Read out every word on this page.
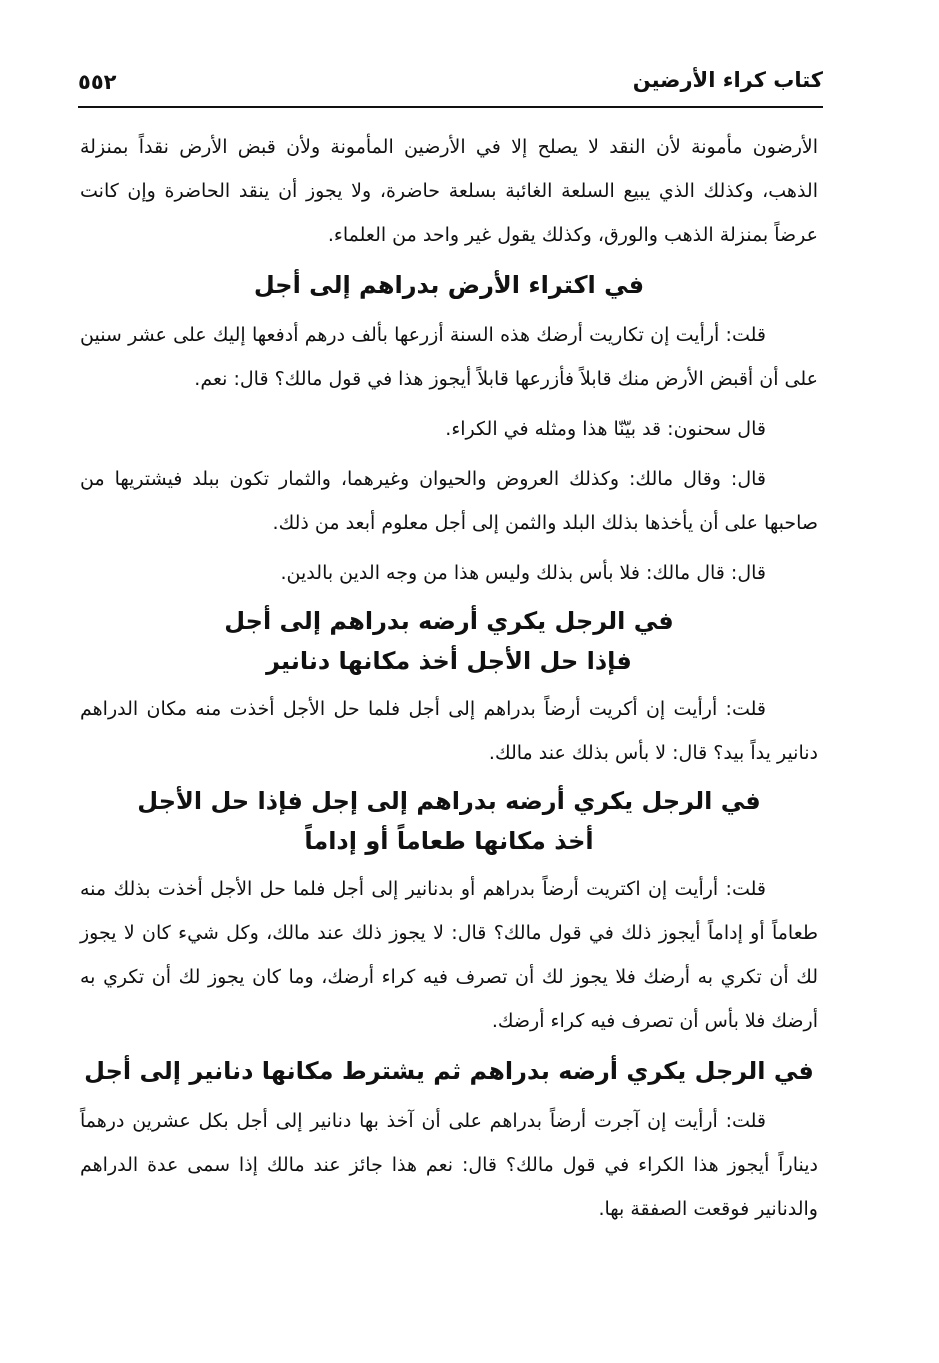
كتاب كراء الأرضين
٥٥٢

الأرضون مأمونة لأن النقد لا يصلح إلا في الأرضين المأمونة ولأن قبض الأرض نقداً بمنزلة الذهب، وكذلك الذي يبيع السلعة الغائبة بسلعة حاضرة، ولا يجوز أن ينقد الحاضرة وإن كانت عرضاً بمنزلة الذهب والورق، وكذلك يقول غير واحد من العلماء.

في اكتراء الأرض بدراهم إلى أجل

قلت: أرأيت إن تكاريت أرضك هذه السنة أزرعها بألف درهم أدفعها إليك على عشر سنين على أن أقبض الأرض منك قابلاً فأزرعها قابلاً أيجوز هذا في قول مالك؟ قال: نعم.

قال سحنون: قد بيّنّا هذا ومثله في الكراء.

قال: وقال مالك: وكذلك العروض والحيوان وغيرهما، والثمار تكون ببلد فيشتريها من صاحبها على أن يأخذها بذلك البلد والثمن إلى أجل معلوم أبعد من ذلك.

قال: قال مالك: فلا بأس بذلك وليس هذا من وجه الدين بالدين.

في الرجل يكري أرضه بدراهم إلى أجل
فإذا حل الأجل أخذ مكانها دنانير

قلت: أرأيت إن أكريت أرضاً بدراهم إلى أجل فلما حل الأجل أخذت منه مكان الدراهم دنانير يداً بيد؟ قال: لا بأس بذلك عند مالك.

في الرجل يكري أرضه بدراهم إلى إجل فإذا حل الأجل
أخذ مكانها طعاماً أو إداماً

قلت: أرأيت إن اكتريت أرضاً بدراهم أو بدنانير إلى أجل فلما حل الأجل أخذت بذلك منه طعاماً أو إداماً أيجوز ذلك في قول مالك؟ قال: لا يجوز ذلك عند مالك، وكل شيء كان لا يجوز لك أن تكري به أرضك فلا يجوز لك أن تصرف فيه كراء أرضك، وما كان يجوز لك أن تكري به أرضك فلا بأس أن تصرف فيه كراء أرضك.

في الرجل يكري أرضه بدراهم ثم يشترط مكانها دنانير إلى أجل

قلت: أرأيت إن آجرت أرضاً بدراهم على أن آخذ بها دنانير إلى أجل بكل عشرين درهماً ديناراً أيجوز هذا الكراء في قول مالك؟ قال: نعم هذا جائز عند مالك إذا سمى عدة الدراهم والدنانير فوقعت الصفقة بها.
